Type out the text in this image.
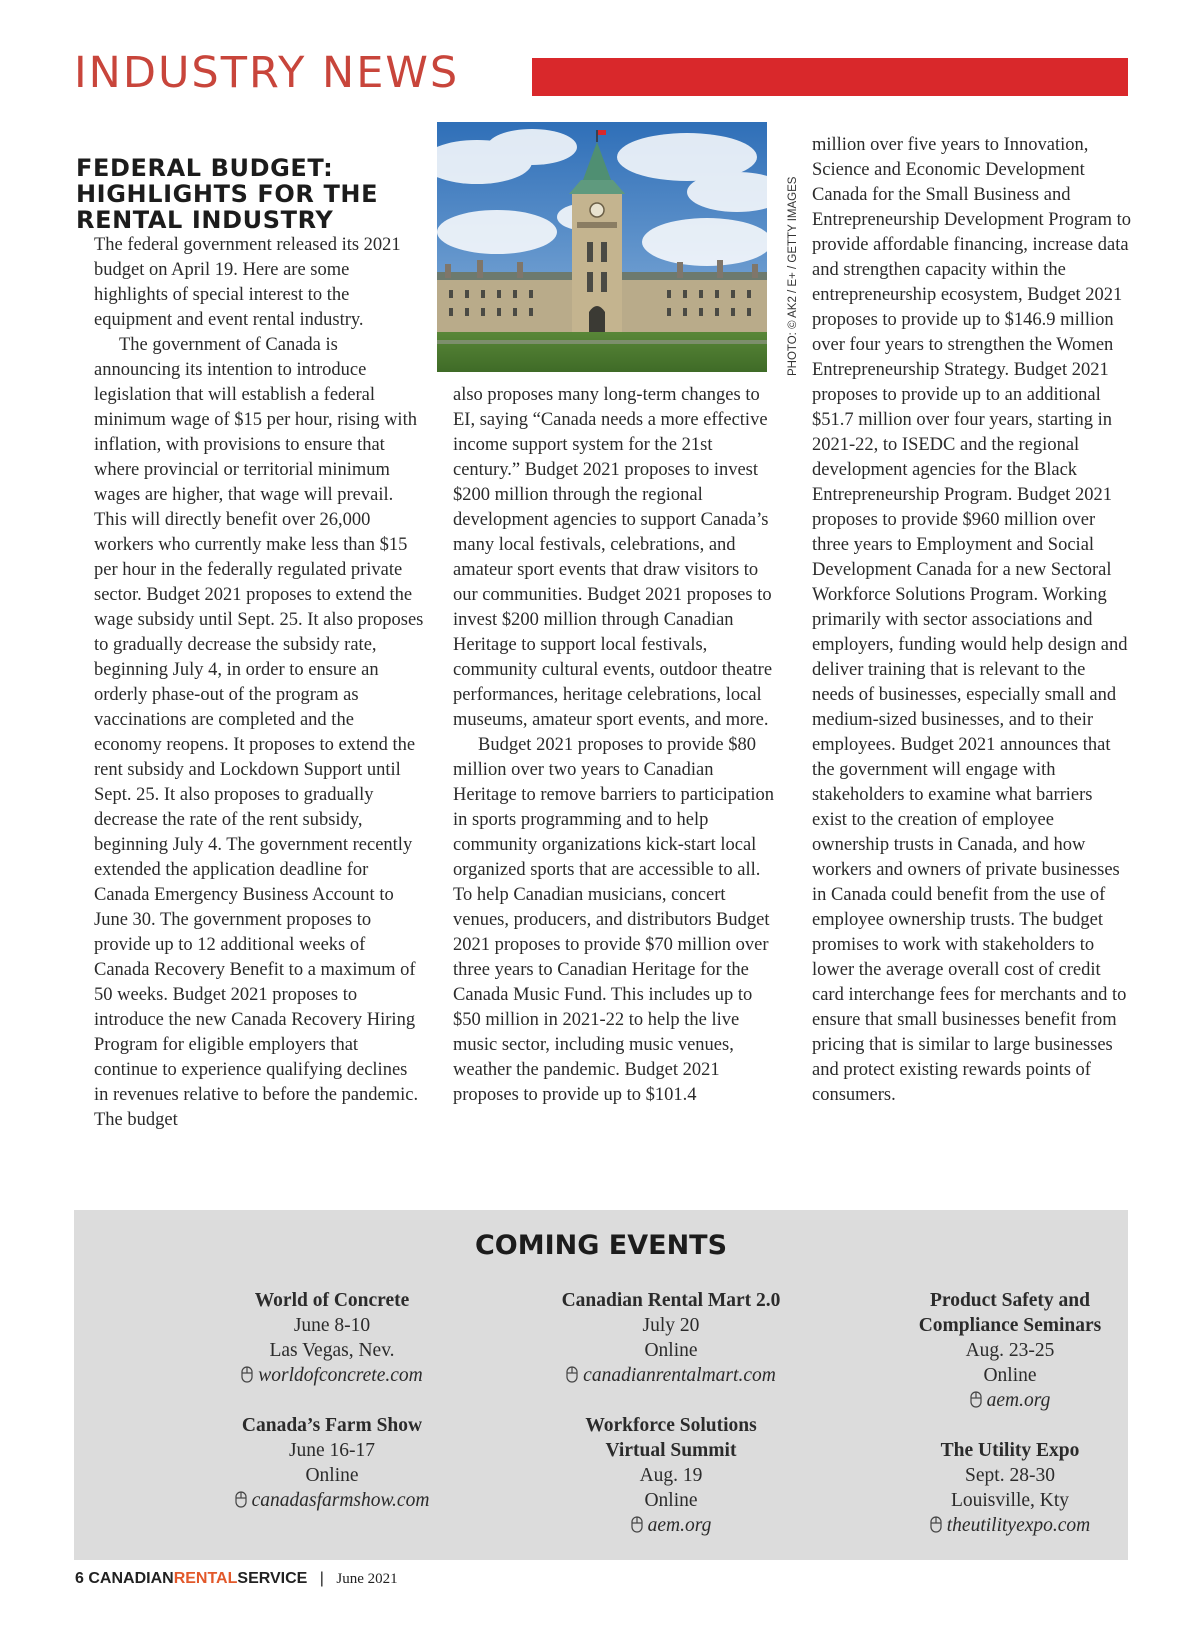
INDUSTRY NEWS
FEDERAL BUDGET: HIGHLIGHTS FOR THE RENTAL INDUSTRY

The federal government released its 2021 budget on April 19. Here are some highlights of special interest to the equipment and event rental industry.

The government of Canada is announcing its intention to introduce legislation that will establish a federal minimum wage of $15 per hour, rising with inflation, with provisions to ensure that where provincial or territorial minimum wages are higher, that wage will prevail. This will directly benefit over 26,000 workers who currently make less than $15 per hour in the federally regulated private sector. Budget 2021 proposes to extend the wage subsidy until Sept. 25. It also proposes to gradually decrease the subsidy rate, beginning July 4, in order to ensure an orderly phase-out of the program as vaccinations are completed and the economy reopens. It proposes to extend the rent subsidy and Lockdown Support until Sept. 25. It also proposes to gradually decrease the rate of the rent subsidy, beginning July 4. The government recently extended the application deadline for Canada Emergency Business Account to June 30. The government proposes to provide up to 12 additional weeks of Canada Recovery Benefit to a maximum of 50 weeks. Budget 2021 proposes to introduce the new Canada Recovery Hiring Program for eligible employers that continue to experience qualifying declines in revenues relative to before the pandemic. The budget

PHOTO: © AK2 / E+ / GETTY IMAGES

also proposes many long-term changes to EI, saying “Canada needs a more effective income support system for the 21st century.” Budget 2021 proposes to invest $200 million through the regional development agencies to support Canada’s many local festivals, celebrations, and amateur sport events that draw visitors to our communities. Budget 2021 proposes to invest $200 million through Canadian Heritage to support local festivals, community cultural events, outdoor theatre performances, heritage celebrations, local museums, amateur sport events, and more.

Budget 2021 proposes to provide $80 million over two years to Canadian Heritage to remove barriers to participation in sports programming and to help community organizations kick-start local organized sports that are accessible to all. To help Canadian musicians, concert venues, producers, and distributors Budget 2021 proposes to provide $70 million over three years to Canadian Heritage for the Canada Music Fund. This includes up to $50 million in 2021-22 to help the live music sector, including music venues, weather the pandemic. Budget 2021 proposes to provide up to $101.4

million over five years to Innovation, Science and Economic Development Canada for the Small Business and Entrepreneurship Development Program to provide affordable financing, increase data and strengthen capacity within the entrepreneurship ecosystem, Budget 2021 proposes to provide up to $146.9 million over four years to strengthen the Women Entrepreneurship Strategy. Budget 2021 proposes to provide up to an additional $51.7 million over four years, starting in 2021-22, to ISEDC and the regional development agencies for the Black Entrepreneurship Program. Budget 2021 proposes to provide $960 million over three years to Employment and Social Development Canada for a new Sectoral Workforce Solutions Program. Working primarily with sector associations and employers, funding would help design and deliver training that is relevant to the needs of businesses, especially small and medium-sized businesses, and to their employees. Budget 2021 announces that the government will engage with stakeholders to examine what barriers exist to the creation of employee ownership trusts in Canada, and how workers and owners of private businesses in Canada could benefit from the use of employee ownership trusts. The budget promises to work with stakeholders to lower the average overall cost of credit card interchange fees for merchants and to ensure that small businesses benefit from pricing that is similar to large businesses and protect existing rewards points of consumers.

COMING EVENTS
World of Concrete
June 8-10
Las Vegas, Nev.
worldofconcrete.com
Canadian Rental Mart 2.0
July 20
Online
canadianrentalmart.com
Product Safety and Compliance Seminars
Aug. 23-25
Online
aem.org
Canada’s Farm Show
June 16-17
Online
canadasfarmshow.com
Workforce Solutions Virtual Summit
Aug. 19
Online
aem.org
The Utility Expo
Sept. 28-30
Louisville, Kty
theutilityexpo.com
6 CANADIANRENTALSERVICE | June 2021
